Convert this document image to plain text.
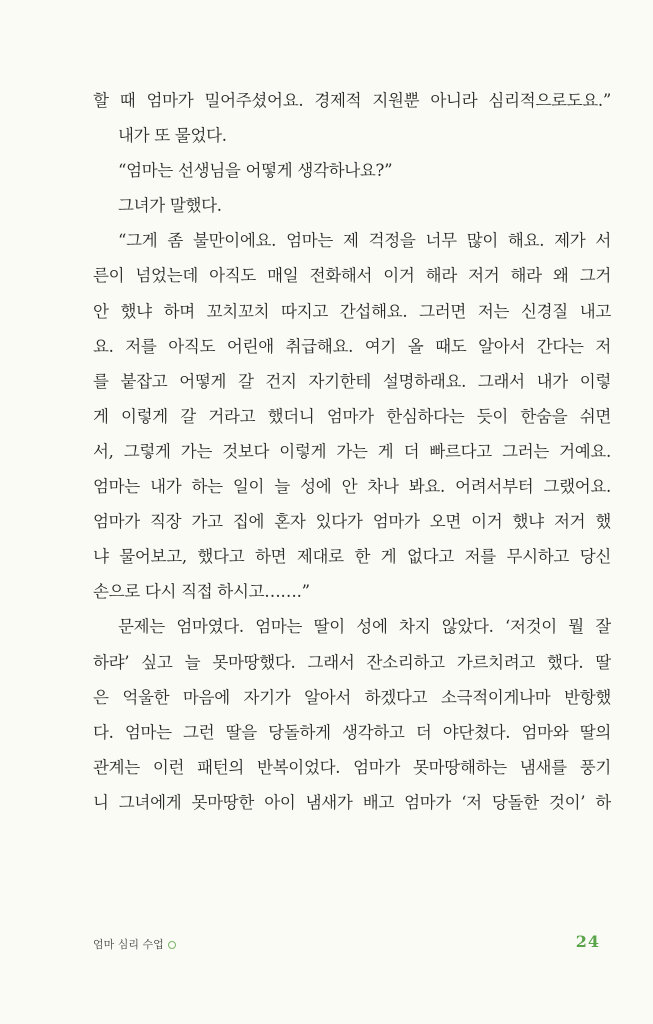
할 때 엄마가 밀어주셨어요. 경제적 지원뿐 아니라 심리적으로도요.”
내가 또 물었다.
“엄마는 선생님을 어떻게 생각하나요?”
그녀가 말했다.
“그게 좀 불만이에요. 엄마는 제 걱정을 너무 많이 해요. 제가 서
른이 넘었는데 아직도 매일 전화해서 이거 해라 저거 해라 왜 그거
안 했냐 하며 꼬치꼬치 따지고 간섭해요. 그러면 저는 신경질 내고
요. 저를 아직도 어린애 취급해요. 여기 올 때도 알아서 간다는 저
를 붙잡고 어떻게 갈 건지 자기한테 설명하래요. 그래서 내가 이렇
게 이렇게 갈 거라고 했더니 엄마가 한심하다는 듯이 한숨을 쉬면
서, 그렇게 가는 것보다 이렇게 가는 게 더 빠르다고 그러는 거예요.
엄마는 내가 하는 일이 늘 성에 안 차나 봐요. 어려서부터 그랬어요.
엄마가 직장 가고 집에 혼자 있다가 엄마가 오면 이거 했냐 저거 했
냐 물어보고, 했다고 하면 제대로 한 게 없다고 저를 무시하고 당신
손으로 다시 직접 하시고…….”
문제는 엄마였다. 엄마는 딸이 성에 차지 않았다. ‘저것이 뭘 잘
하랴’ 싶고 늘 못마땅했다. 그래서 잔소리하고 가르치려고 했다. 딸
은 억울한 마음에 자기가 알아서 하겠다고 소극적이게나마 반항했
다. 엄마는 그런 딸을 당돌하게 생각하고 더 야단쳤다. 엄마와 딸의
관계는 이런 패턴의 반복이었다. 엄마가 못마땅해하는 냄새를 풍기
니 그녀에게 못마땅한 아이 냄새가 배고 엄마가 ‘저 당돌한 것이’ 하
엄마 심리 수업	24
